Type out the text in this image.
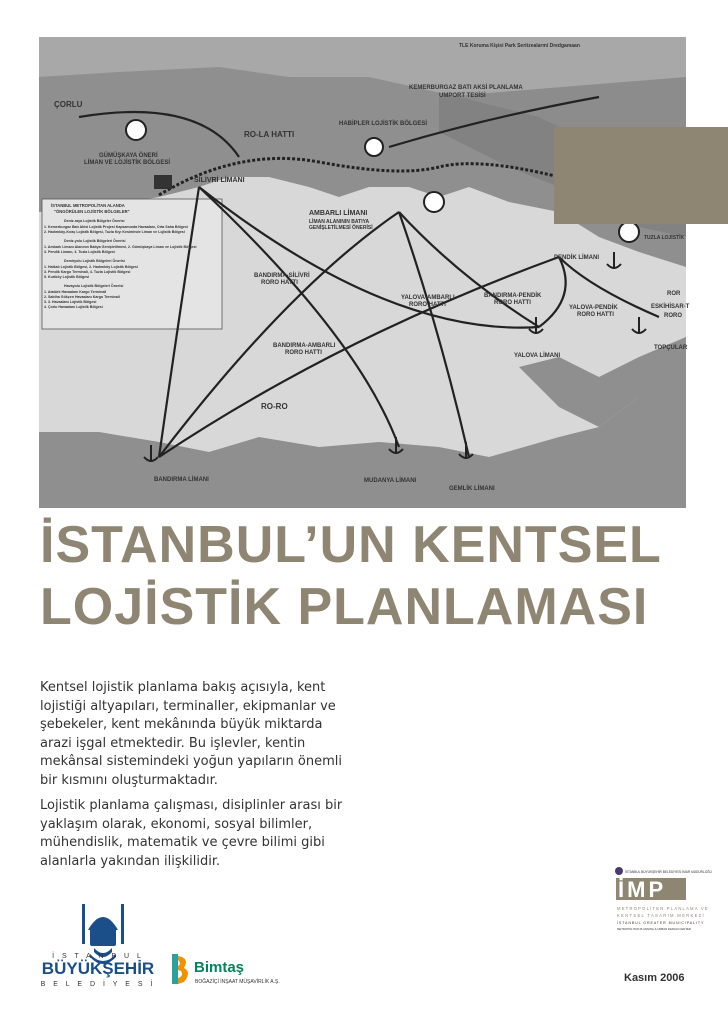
TLE Koruma Kişisi Park Seritzealarmi Dredgamaan
ÇORLU
KEMERBURGAZ BATI AKSİ PLANLAMA
UMPORT TESİSİ
HABİPLER LOJİSTİK BÖLGESİ
RO-LA HATTI
GÜMÜŞKAYA ÖNERİ
LİMAN VE LOJİSTİK BÖLGESİ
SİLİVRİ LİMANI
AMBARLI LİMANI
LİMAN ALANININ BATIYA
GENİŞLETİLMESİ ÖNERİSİ
TUZLA LOJİSTİK
PENDİK LİMANI
BANDIRMA-SİLİVRİ
RORO HATTI
YALOVA-AMBARLI
RORO HATTI
BANDIRMA-PENDİK
RORO HATTI
YALOVA-PENDİK
RORO HATTI
BANDIRMA-AMBARLI
RORO HATTI	YALOVA LİMANI
TOPÇULAR
RO-RO
BANDIRMA LİMANI	MUDANYA LİMANI
GEMLİK LİMANI
ROR
ESKİHİSAR-T
RORO
İSTANBUL METROPOLİTAN ALANDA
"ÖNGÖRÜLEN LOJİSTİK BÖLGELER"
Deniz-raya Lojistik Bölgeler Önerisi
1. Kemerburgaz Batı Akisi Lojistik Projesi Kapsamında Havaalanı, Orta Saha Bölgesi
2. Hadımköy-Kıraç Lojistik Bölgesi, Tuzla Kıyı Kesiminde Liman ve Lojistik Bölgesi
Deniz-yolu Lojistik Bölgeleri Önerisi
1. Ambarlı Limanı Alanının Batıya Genişletilmesi, 2. Gümüşkaya Liman ve Lojistik Bölgesi
3. Pendik Limanı, 4. Tuzla Lojistik Bölgesi
Demiryolu Lojistik Bölgeleri Önerisi
1. Halkalı Lojistik Bölgesi, 2. Hadımköy Lojistik Bölgesi
3. Pendik Kargo Terminali, 4. Tuzla Lojistik Bölgesi
5. Kurtköy Lojistik Bölgesi
Havayolu Lojistik Bölgeleri Önerisi
1. Atatürk Havaalanı Kargo Terminali
2. Sabiha Gökçen Havaalanı Kargo Terminali
3. 3. Havaalanı Lojistik Bölgesi
4. Çorlu Havaalanı Lojistik Bölgesi
İSTANBUL’UN KENTSEL
LOJİSTİK PLANLAMASI

Kentsel lojistik planlama bakış açısıyla, kent lojistiği altyapıları, terminaller, ekipmanlar ve şebekeler, kent mekânında büyük miktarda arazi işgal etmektedir. Bu işlevler, kentin mekânsal sistemindeki yoğun yapıların önemli bir kısmını oluşturmaktadır.

Lojistik planlama çalışması, disiplinler arası bir yaklaşım olarak, ekonomi, sosyal bilimler, mühendislik, matematik ve çevre bilimi gibi alanlarla yakından ilişkilidir.

İ S T A N B U L
BÜYÜKŞEHİR
B E L E D İ Y E S İ
Bimtaş
BOĞAZİÇİ İNŞAAT MÜŞAVİRLİK A.Ş.
İSTANBUL BÜYÜKŞEHİR BELEDİYESİ İMAR MÜDÜRLÜĞÜ
İMP
METROPOLİTEN PLANLAMA VE
KENTSEL TASARIM MERKEZİ
İSTANBUL GREATER MUNICIPALITY
METROPOLITAN PLANNING & URBAN DESIGN CENTER
Kasım 2006
